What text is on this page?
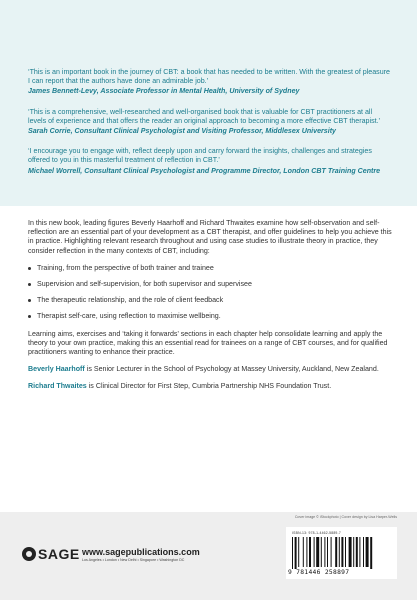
‘This is an important book in the journey of CBT: a book that has needed to be written. With the greatest of pleasure I can report that the authors have done an admirable job.’

James Bennett-Levy, Associate Professor in Mental Health, University of Sydney

‘This is a comprehensive, well-researched and well-organised book that is valuable for CBT practitioners at all levels of experience and that offers the reader an original approach to becoming a more effective CBT therapist.’

Sarah Corrie, Consultant Clinical Psychologist and Visiting Professor, Middlesex University

‘I encourage you to engage with, reflect deeply upon and carry forward the insights, challenges and strategies offered to you in this masterful treatment of reflection in CBT.’

Michael Worrell, Consultant Clinical Psychologist and Programme Director, London CBT Training Centre

In this new book, leading figures Beverly Haarhoff and Richard Thwaites examine how self-observation and self-reflection are an essential part of your development as a CBT therapist, and offer guidelines to help you achieve this in practice. Highlighting relevant research throughout and using case studies to illustrate theory in practice, they consider reflection in the many contexts of CBT, including:

Training, from the perspective of both trainer and trainee
Supervision and self-supervision, for both supervisor and supervisee
The therapeutic relationship, and the role of client feedback
Therapist self-care, using reflection to maximise wellbeing.

Learning aims, exercises and ‘taking it forwards’ sections in each chapter help consolidate learning and apply the theory to your own practice, making this an essential read for trainees on a range of CBT courses, and for qualified practitioners wanting to enhance their practice.

Beverly Haarhoff is Senior Lecturer in the School of Psychology at Massey University, Auckland, New Zealand.

Richard Thwaites is Clinical Director for First Step, Cumbria Partnership NHS Foundation Trust.

Cover image © iStockphoto | Cover design by Lisa Harper-Wells
SAGE www.sagepublications.com
Los Angeles • London • New Delhi • Singapore • Washington DC
ISBN-13: 978-1-4462-5889-7
9 781446 258897
